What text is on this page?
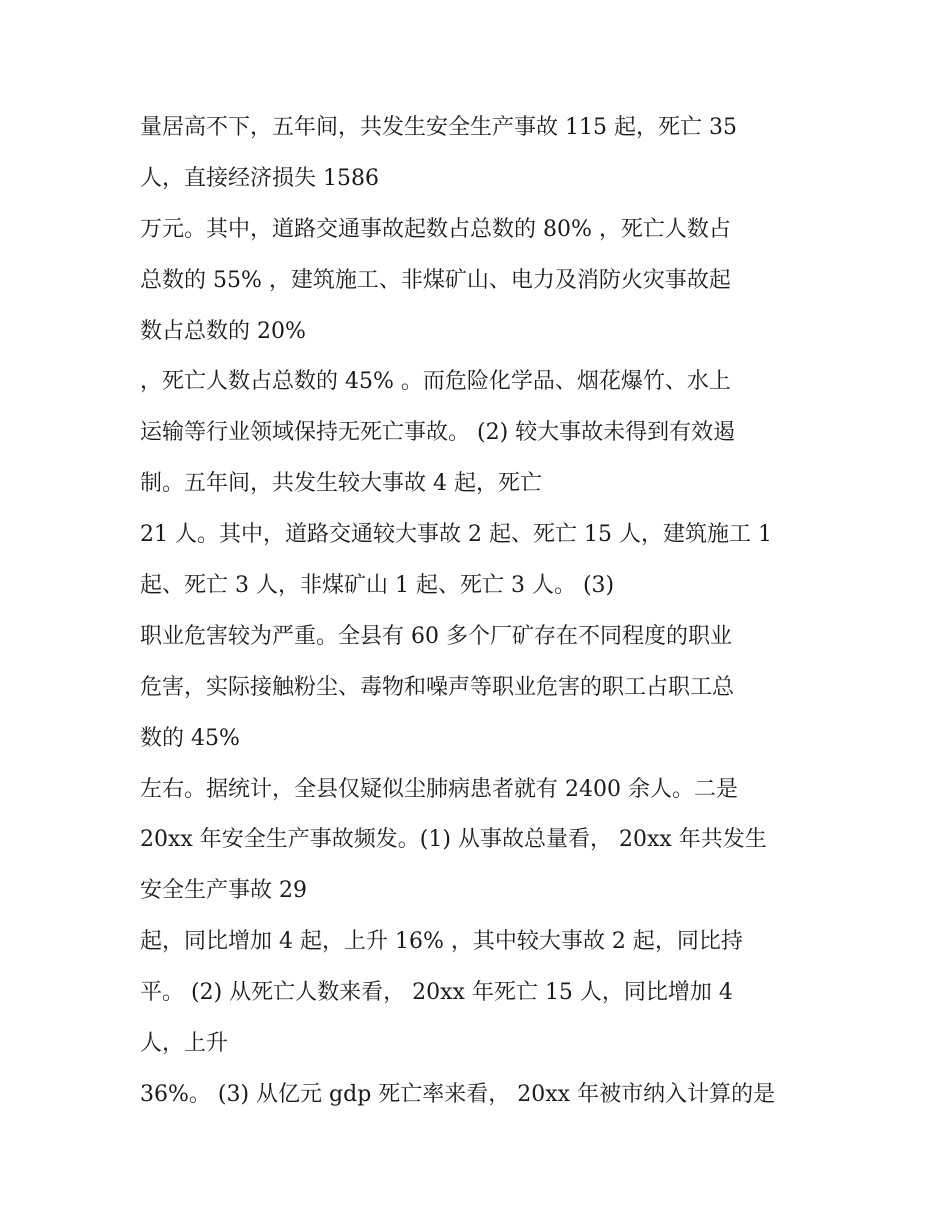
量居高不下，五年间，共发生安全生产事故 115 起，死亡 35
人，直接经济损失 1586
万元。其中，道路交通事故起数占总数的 80% ，死亡人数占
总数的 55% ，建筑施工、非煤矿山、电力及消防火灾事故起
数占总数的 20%
，死亡人数占总数的 45% 。而危险化学品、烟花爆竹、水上
运输等行业领域保持无死亡事故。 (2) 较大事故未得到有效遏
制。五年间，共发生较大事故 4 起，死亡
21 人。其中，道路交通较大事故 2 起、死亡 15 人，建筑施工 1
起、死亡 3 人，非煤矿山 1 起、死亡 3 人。 (3)
职业危害较为严重。全县有 60 多个厂矿存在不同程度的职业
危害，实际接触粉尘、毒物和噪声等职业危害的职工占职工总
数的 45%
左右。据统计，全县仅疑似尘肺病患者就有 2400 余人。二是
20xx 年安全生产事故频发。(1) 从事故总量看， 20xx 年共发生
安全生产事故 29
起，同比增加 4 起，上升 16% ，其中较大事故 2 起，同比持
平。 (2) 从死亡人数来看， 20xx 年死亡 15 人，同比增加 4
人，上升
36%。 (3) 从亿元 gdp 死亡率来看， 20xx 年被市纳入计算的是
